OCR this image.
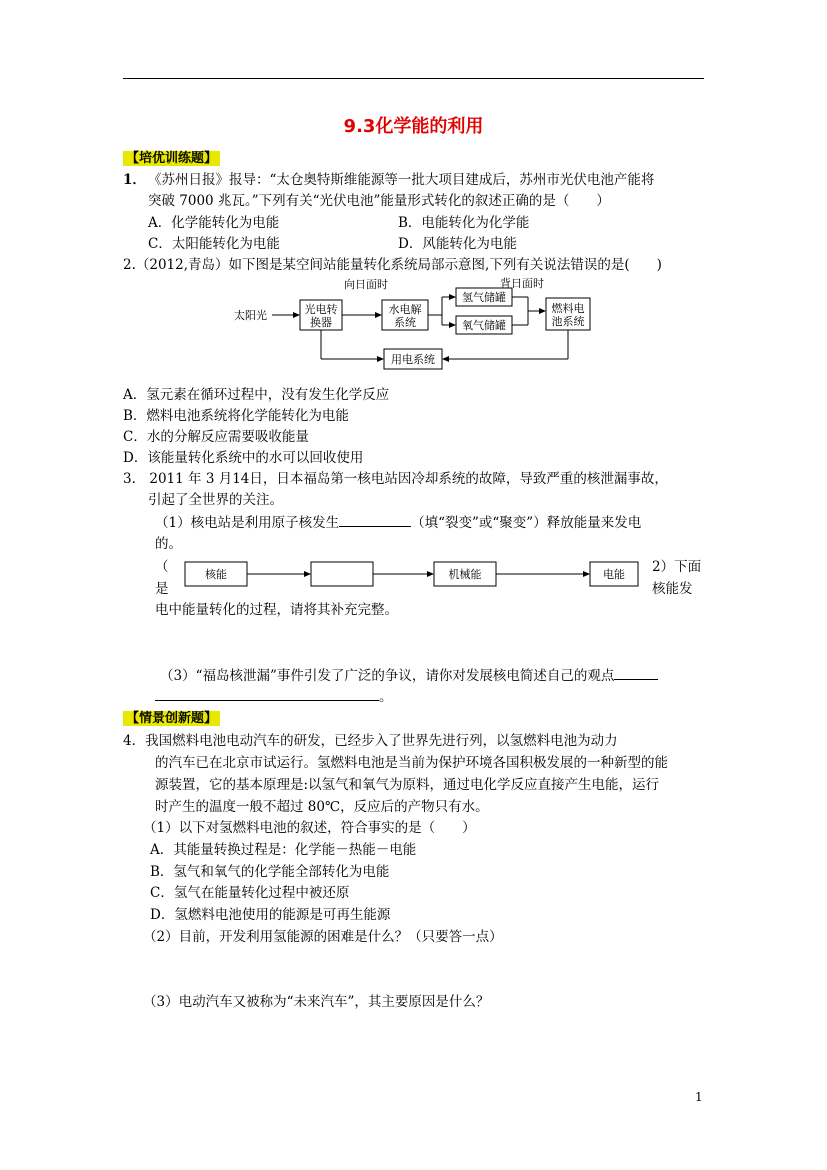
9.3化学能的利用
【培优训练题】
1． 《苏州日报》报导：“太仓奥特斯维能源等一批大项目建成后，苏州市光伏电池产能将
突破 7000 兆瓦。”下列有关“光伏电池”能量形式转化的叙述正确的是（　　）
A．化学能转化为电能	B．电能转化为化学能
C．太阳能转化为电能	D．风能转化为电能
2.（2012,青岛）如下图是某空间站能量转化系统局部示意图,下列有关说法错误的是(　　)
太阳光
向日面时	背日面时
光电转
换器
水电解
系统
氢气储罐
氧气储罐
燃料电
池系统
用电系统
A．氢元素在循环过程中，没有发生化学反应
B．燃料电池系统将化学能转化为电能
C．水的分解反应需要吸收能量
D．该能量转化系统中的水可以回收使用
3.　2011 年 3 月14日，日本福岛第一核电站因冷却系统的故障，导致严重的核泄漏事故，
引起了全世界的关注。
（1）核电站是利用原子核发生	（填“裂变”或“聚变”）释放能量来发电
的。
（
是
2）下面
核能发
核能	机械能	电能
电中能量转化的过程，请将其补充完整。
（3）“福岛核泄漏”事件引发了广泛的争议，请你对发展核电简述自己的观点
。
【情景创新题】
4．我国燃料电池电动汽车的研发，已经步入了世界先进行列，以氢燃料电池为动力
的汽车已在北京市试运行。氢燃料电池是当前为保护环境各国积极发展的一种新型的能
源装置，它的基本原理是:以氢气和氧气为原料，通过电化学反应直接产生电能，运行
时产生的温度一般不超过 80℃，反应后的产物只有水。
（1）以下对氢燃料电池的叙述，符合事实的是（　　）
A．其能量转换过程是：化学能－热能－电能
B．氢气和氧气的化学能全部转化为电能
C．氢气在能量转化过程中被还原
D．氢燃料电池使用的能源是可再生能源
（2）目前，开发利用氢能源的困难是什么？（只要答一点）
（3）电动汽车又被称为“未来汽车”，其主要原因是什么？
1
